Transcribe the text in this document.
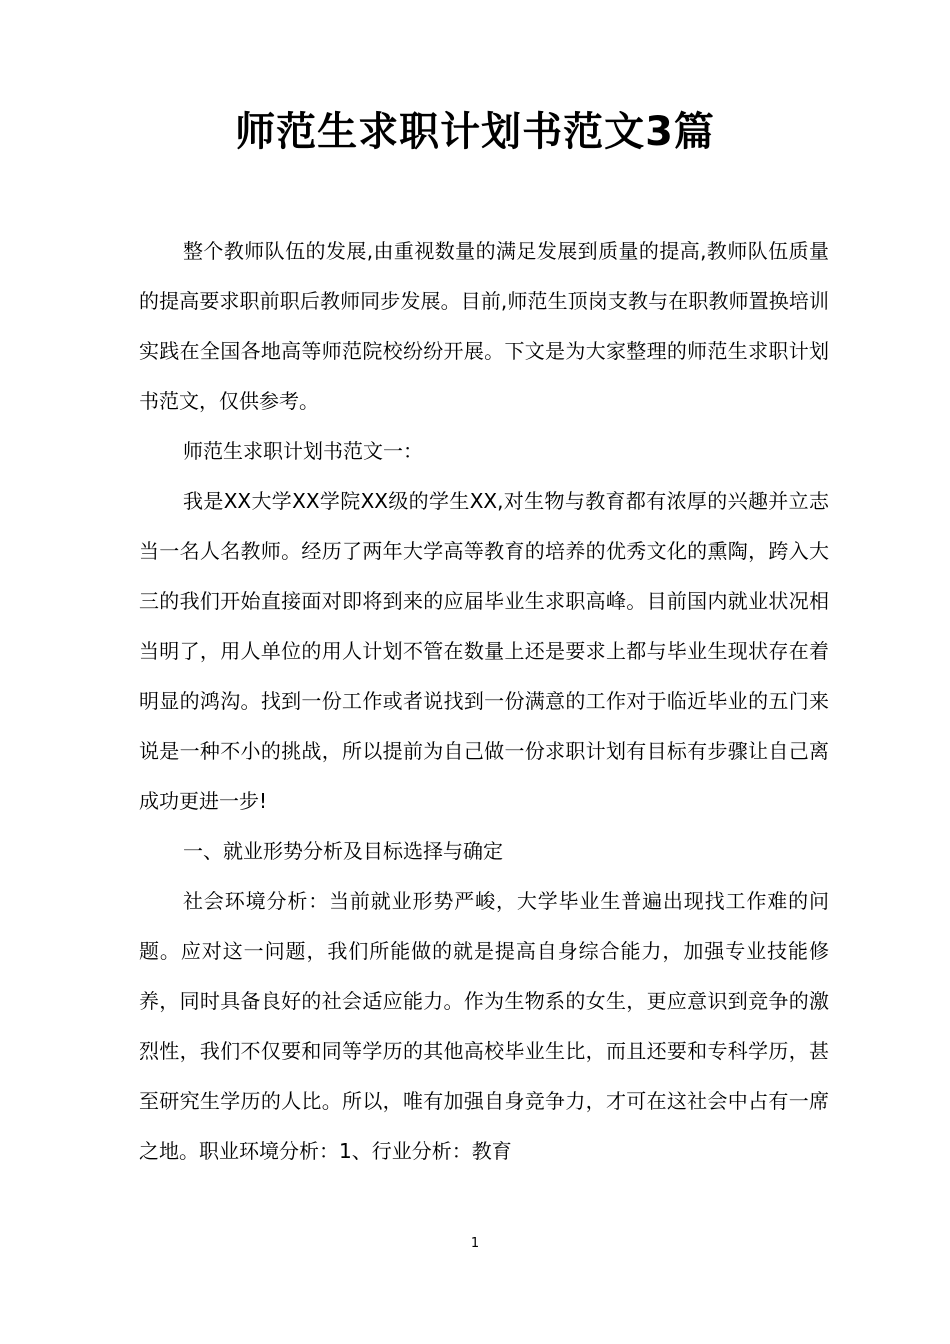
师范生求职计划书范文3篇

整个教师队伍的发展,由重视数量的满足发展到质量的提高,教师队伍质量的提高要求职前职后教师同步发展。目前,师范生顶岗支教与在职教师置换培训实践在全国各地高等师范院校纷纷开展。下文是为大家整理的师范生求职计划书范文，仅供参考。

师范生求职计划书范文一：

我是XX大学XX学院XX级的学生XX,对生物与教育都有浓厚的兴趣并立志当一名人名教师。经历了两年大学高等教育的培养的优秀文化的熏陶，跨入大三的我们开始直接面对即将到来的应届毕业生求职高峰。目前国内就业状况相当明了，用人单位的用人计划不管在数量上还是要求上都与毕业生现状存在着明显的鸿沟。找到一份工作或者说找到一份满意的工作对于临近毕业的五门来说是一种不小的挑战，所以提前为自己做一份求职计划有目标有步骤让自己离成功更进一步!

一、就业形势分析及目标选择与确定

社会环境分析：当前就业形势严峻，大学毕业生普遍出现找工作难的问题。应对这一问题，我们所能做的就是提高自身综合能力，加强专业技能修养，同时具备良好的社会适应能力。作为生物系的女生，更应意识到竞争的激烈性，我们不仅要和同等学历的其他高校毕业生比，而且还要和专科学历，甚至研究生学历的人比。所以，唯有加强自身竞争力，才可在这社会中占有一席之地。职业环境分析：1、行业分析：教育

1
